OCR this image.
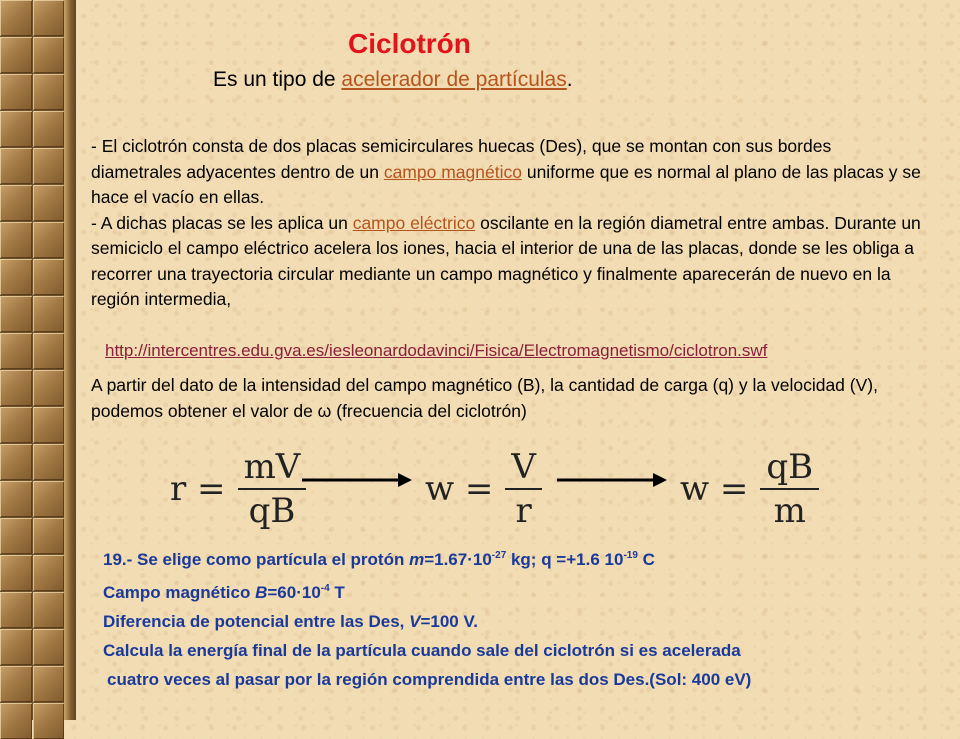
Ciclotrón
Es un tipo de acelerador de partículas.

- El ciclotrón consta de dos placas semicirculares huecas (Des), que se montan con sus bordes diametrales adyacentes dentro de un campo magnético uniforme que es normal al plano de las placas y se hace el vacío en ellas.

- A dichas placas se les aplica un campo eléctrico oscilante en la región diametral entre ambas. Durante un semiciclo el campo eléctrico acelera los iones, hacia el interior de una de las placas, donde se les obliga a recorrer una trayectoria circular mediante un campo magnético y finalmente aparecerán de nuevo en la región intermedia,

http://intercentres.edu.gva.es/iesleonardodavinci/Fisica/Electromagnetismo/ciclotron.swf
A partir del dato de la intensidad del campo magnético (B), la cantidad de carga (q) y la velocidad (V), podemos obtener el valor de ω (frecuencia del ciclotrón)
$r = \frac{mV}{qB}$	$w = \frac{V}{r}$	$w = \frac{qB}{m}$
19.- Se elige como partícula el protón $m=1.67\cdot 10^{-27}$ kg; q =+1.6 $10^{-19}$ C
Campo magnético $B=60\cdot 10^{-4}$ T
Diferencia de potencial entre las Des, V=100 V.
Calcula la energía final de la partícula cuando sale del ciclotrón si es acelerada
cuatro veces al pasar por la región comprendida entre las dos Des.(Sol: 400 eV)
